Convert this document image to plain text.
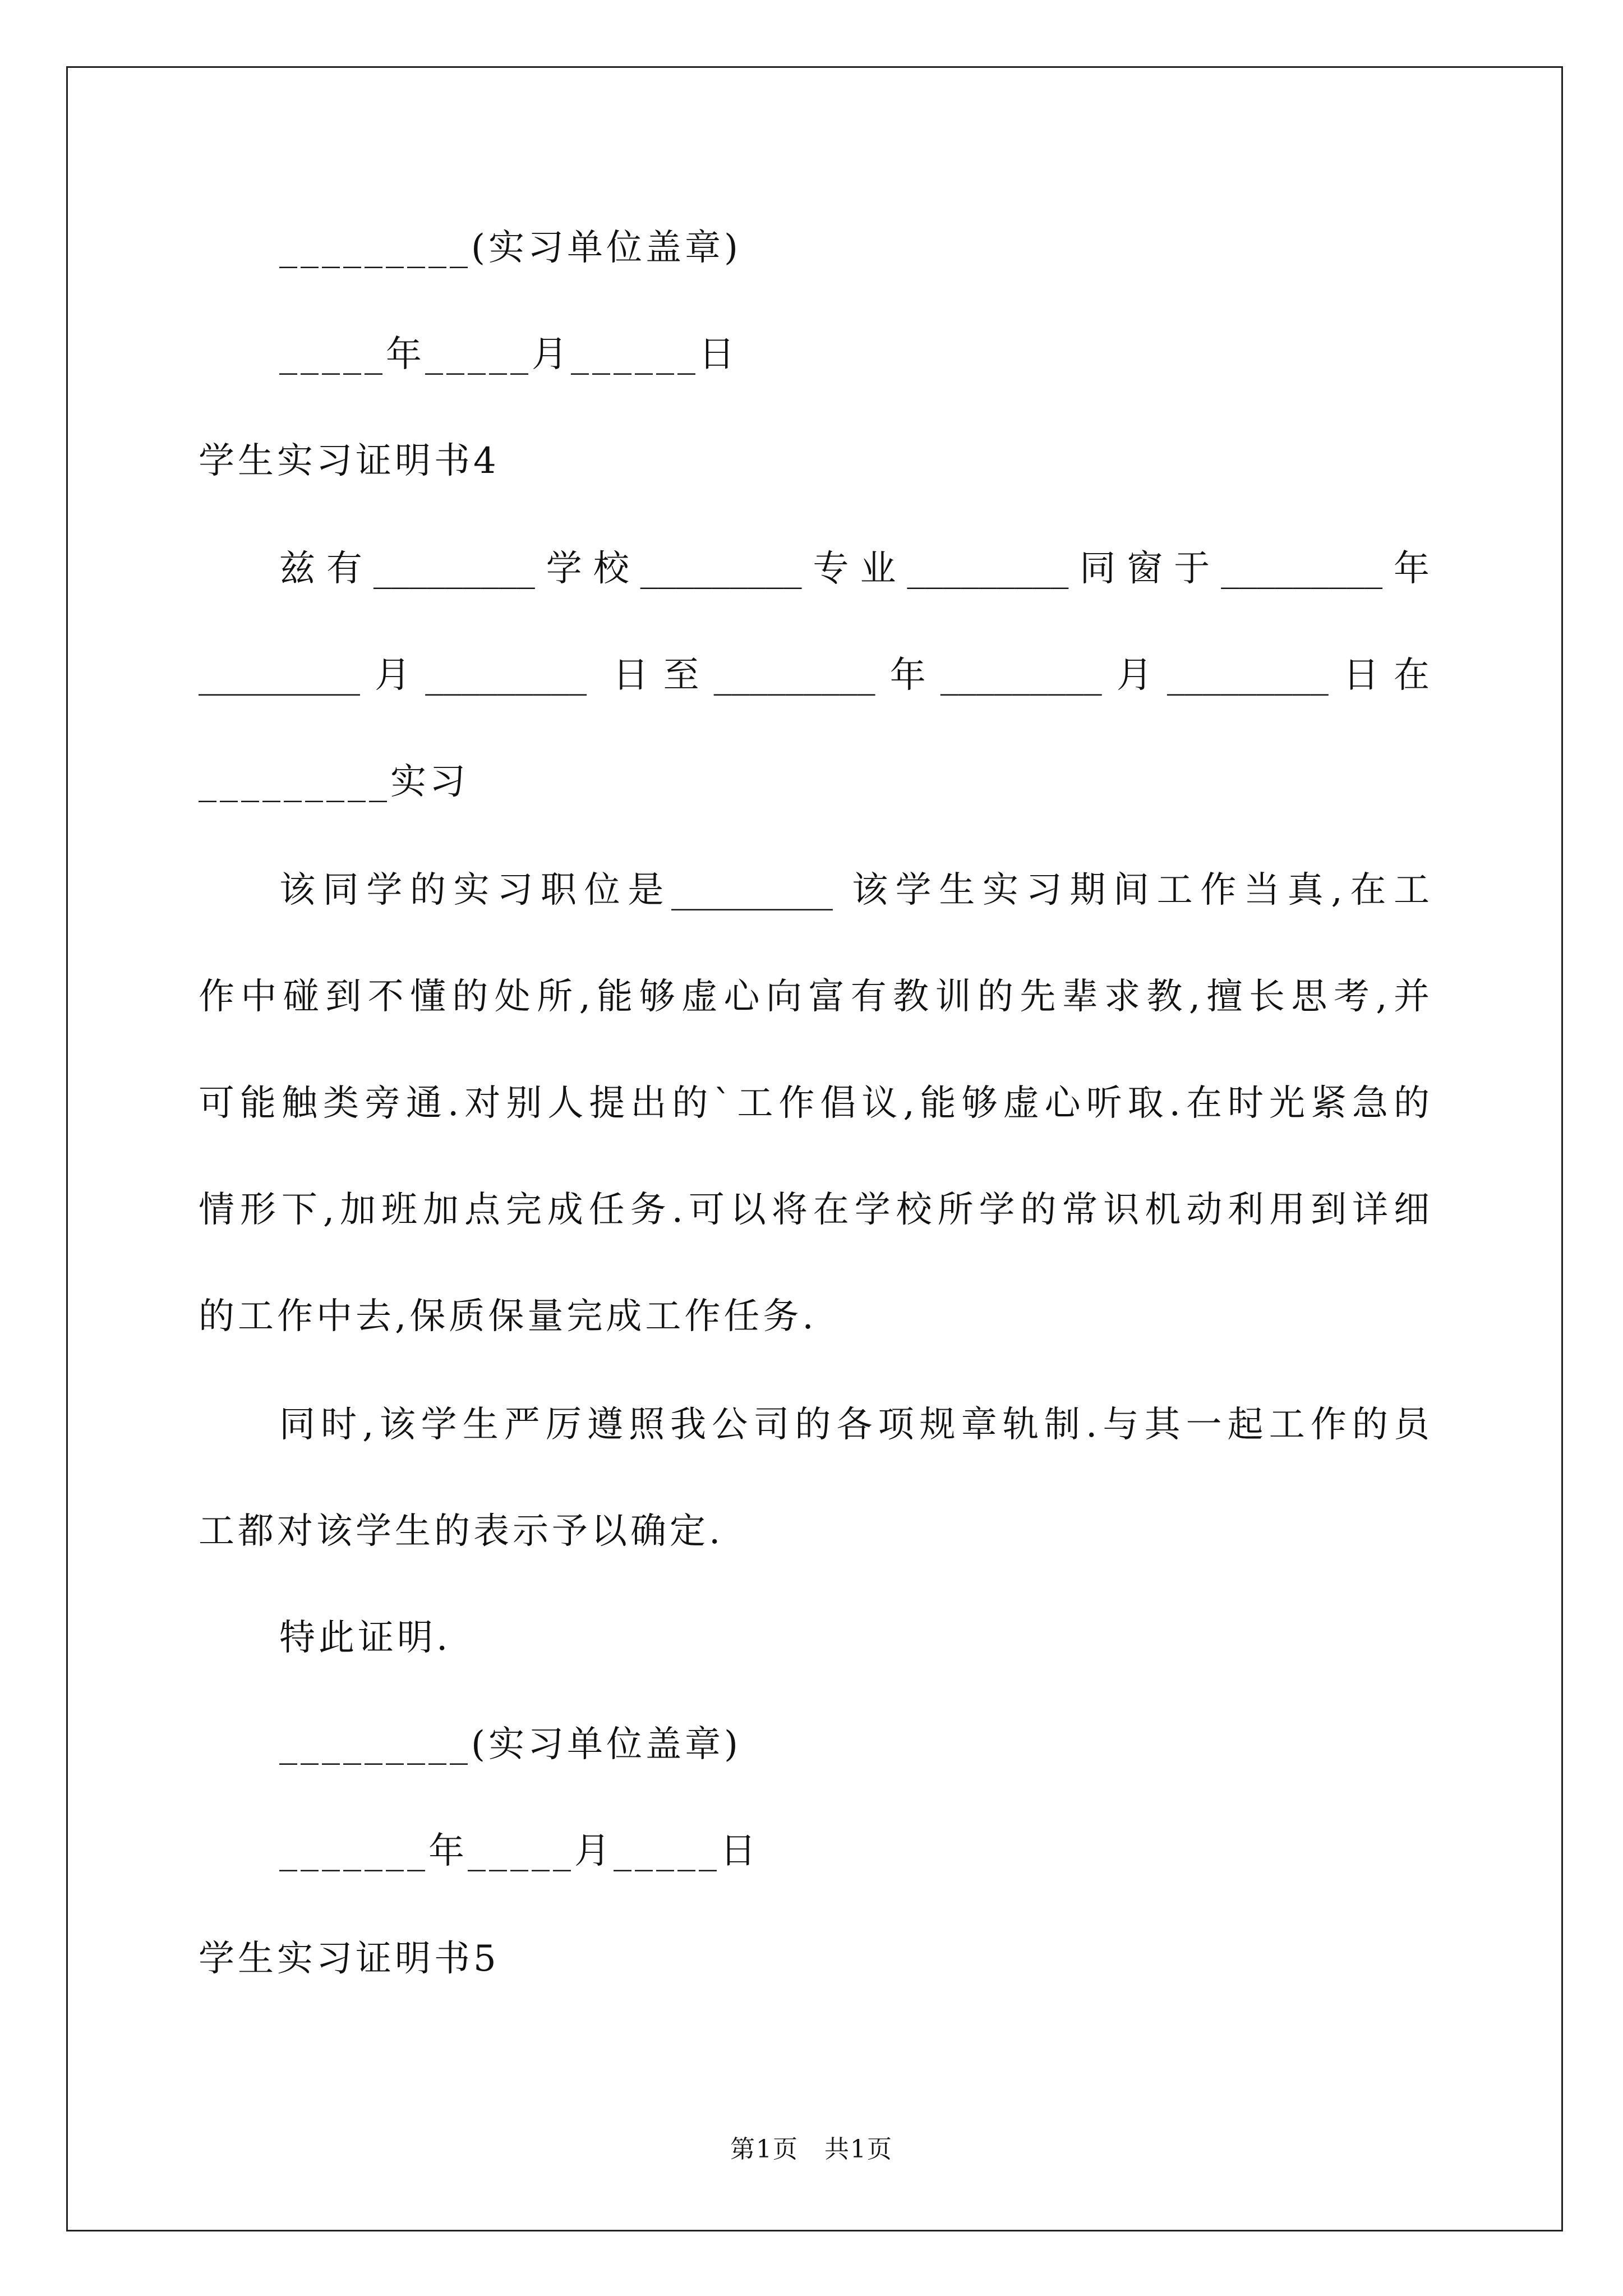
_________(实习单位盖章)
_____年_____月______日
学生实习证明书4
兹有_________学校_________专业_________同窗于_________年
_________月_________ 日至_________年_________月_________日在
_________实习
该同学的实习职位是_________ 该学生实习期间工作当真,在工
作中碰到不懂的处所,能够虚心向富有教训的先辈求教,擅长思考,并
可能触类旁通.对别人提出的`工作倡议,能够虚心听取.在时光紧急的
情形下,加班加点完成任务.可以将在学校所学的常识机动利用到详细
的工作中去,保质保量完成工作任务.
同时,该学生严厉遵照我公司的各项规章轨制.与其一起工作的员
工都对该学生的表示予以确定.
特此证明.
_________(实习单位盖章)
_______年_____月_____日
学生实习证明书5
第1页　共1页
